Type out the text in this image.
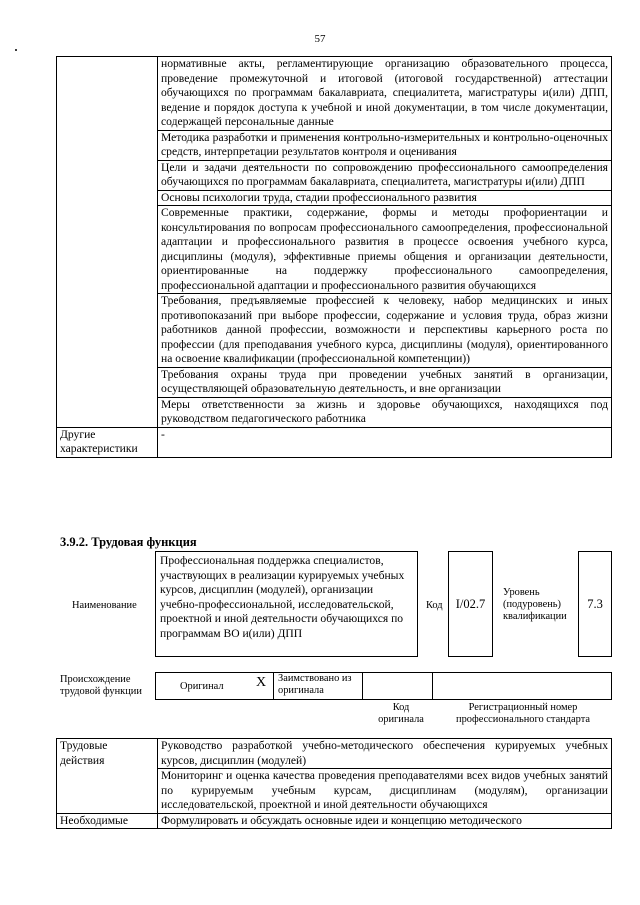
57
	нормативные акты, регламентирующие организацию образовательного процесса, проведение промежуточной и итоговой (итоговой государственной) аттестации обучающихся по программам бакалавриата, специалитета, магистратуры и(или) ДПП, ведение и порядок доступа к учебной и иной документации, в том числе документации, содержащей персональные данные
	Методика разработки и применения контрольно-измерительных и контрольно-оценочных средств, интерпретации результатов контроля и оценивания
	Цели и задачи деятельности по сопровождению профессионального самоопределения обучающихся по программам бакалавриата, специалитета, магистратуры и(или) ДПП
	Основы психологии труда, стадии профессионального развития
	Современные практики, содержание, формы и методы профориентации и консультирования по вопросам профессионального самоопределения, профессиональной адаптации и профессионального развития в процессе освоения учебного курса, дисциплины (модуля), эффективные приемы общения и организации деятельности, ориентированные на поддержку профессионального самоопределения, профессиональной адаптации и профессионального развития обучающихся
	Требования, предъявляемые профессией к человеку, набор медицинских и иных противопоказаний при выборе профессии, содержание и условия труда, образ жизни работников данной профессии, возможности и перспективы карьерного роста по профессии (для преподавания учебного курса, дисциплины (модуля), ориентированного на освоение квалификации (профессиональной компетенции))
	Требования охраны труда при проведении учебных занятий в организации, осуществляющей образовательную деятельность, и вне организации
	Меры ответственности за жизнь и здоровье обучающихся, находящихся под руководством педагогического работника
Другие характеристики	-
3.9.2. Трудовая функция
Наименование
Профессиональная поддержка специалистов, участвующих в реализации курируемых учебных курсов, дисциплин (модулей), организации учебно-профессиональной, исследовательской, проектной и иной деятельности обучающихся по программам ВО и(или) ДПП
Код I/02.7
Уровень (подуровень) квалификации
7.3
Происхождение трудовой функции	Оригинал X Заимствовано из оригинала
Код оригинала
Регистрационный номер профессионального стандарта
Трудовые действия	Руководство разработкой учебно-методического обеспечения курируемых учебных курсов, дисциплин (модулей)
	Мониторинг и оценка качества проведения преподавателями всех видов учебных занятий по курируемым учебным курсам, дисциплинам (модулям), организации исследовательской, проектной и иной деятельности обучающихся
Необходимые	Формулировать и обсуждать основные идеи и концепцию методического
